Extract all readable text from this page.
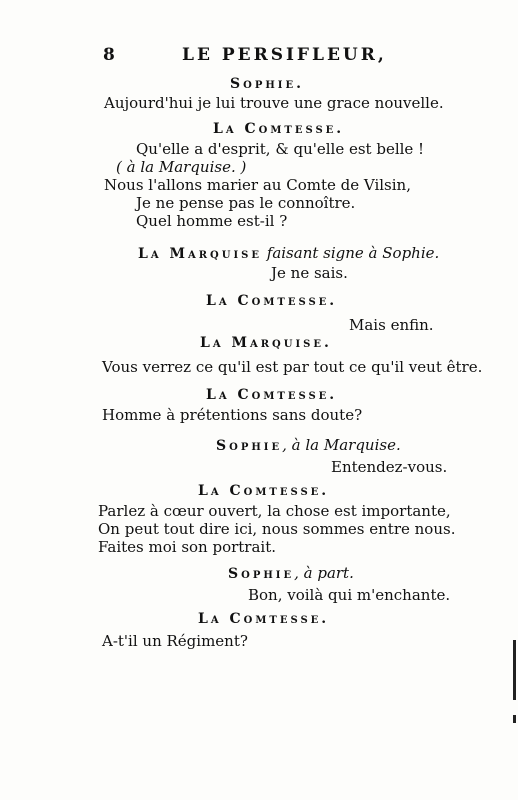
8	LE PERSIFLEUR,
Sophie.
Aujourd'hui je lui trouve une grace nouvelle.
La Comtesse.
Qu'elle a d'esprit, & qu'elle est belle !
( à la Marquise. )
Nous l'allons marier au Comte de Vilsin,
Je ne pense pas le connoître.
Quel homme est-il ?
La Marquise faisant signe à Sophie.
Je ne sais.
La Comtesse.
Mais enfin.
La Marquise.
Vous verrez ce qu'il est par tout ce qu'il veut être.
La Comtesse.
Homme à prétentions sans doute?
Sophie, à la Marquise.
Entendez-vous.
La Comtesse.
Parlez à cœur ouvert, la chose est importante,
On peut tout dire ici, nous sommes entre nous.
Faites moi son portrait.
Sophie, à part.
Bon, voilà qui m'enchante.
La Comtesse.
A-t'il un Régiment?
